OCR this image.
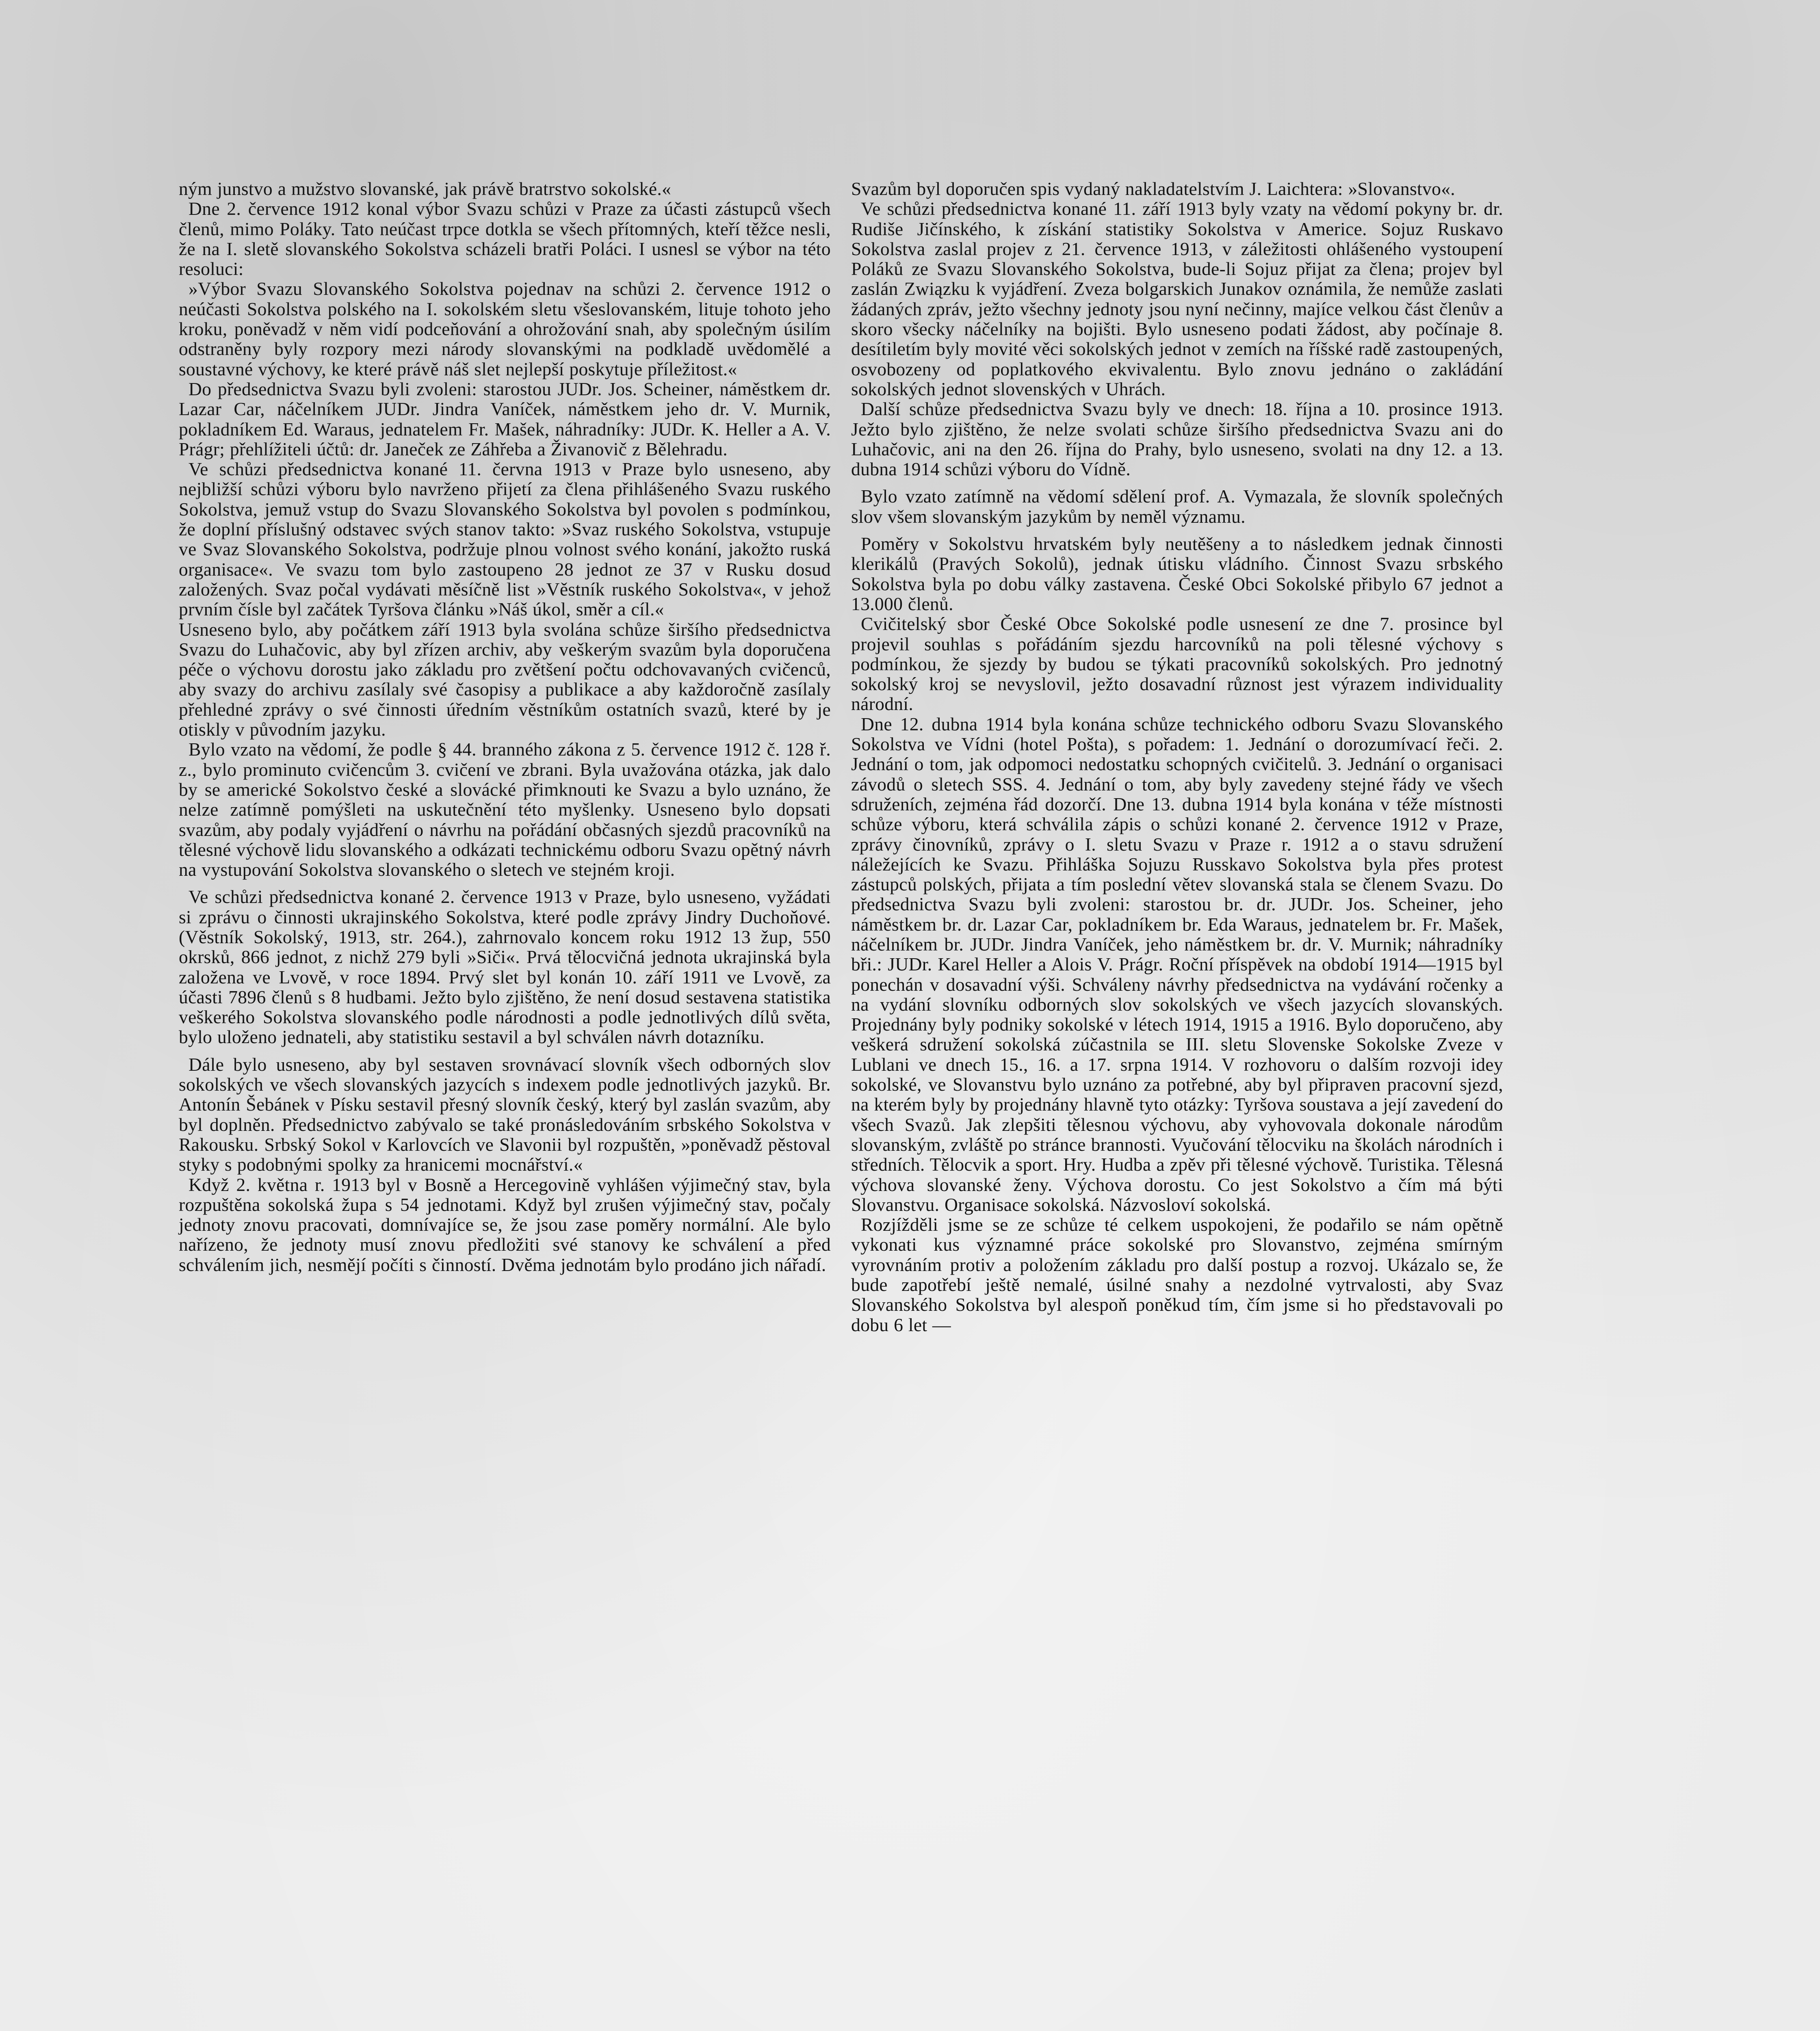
ným junstvo a mužstvo slovanské, jak právě bratrstvo sokolské.«

Dne 2. července 1912 konal výbor Svazu schůzi v Praze za účasti zástupců všech členů, mimo Poláky. Tato neúčast trpce dotkla se všech přítomných, kteří těžce nesli, že na I. sletě slovanského Sokolstva scházeli bratři Poláci. I usnesl se výbor na této resoluci:

»Výbor Svazu Slovanského Sokolstva pojednav na schůzi 2. července 1912 o neúčasti Sokolstva polského na I. sokolském sletu všeslovanském, lituje tohoto jeho kroku, poněvadž v něm vidí podceňování a ohrožování snah, aby společným úsilím odstraněny byly rozpory mezi národy slovanskými na podkladě uvědomělé a soustavné výchovy, ke které právě náš slet nejlepší poskytuje příležitost.«

Do předsednictva Svazu byli zvoleni: starostou JUDr. Jos. Scheiner, náměstkem dr. Lazar Car, náčelníkem JUDr. Jindra Vaníček, náměstkem jeho dr. V. Murnik, pokladníkem Ed. Waraus, jednatelem Fr. Mašek, náhradníky: JUDr. K. Heller a A. V. Prágr; přehlížiteli účtů: dr. Janeček ze Záhřeba a Živanovič z Bělehradu.

Ve schůzi předsednictva konané 11. června 1913 v Praze bylo usneseno, aby nejbližší schůzi výboru bylo navrženo přijetí za člena přihlášeného Svazu ruského Sokolstva, jemuž vstup do Svazu Slovanského Sokolstva byl povolen s podmínkou, že doplní příslušný odstavec svých stanov takto: »Svaz ruského Sokolstva, vstupuje ve Svaz Slovanského Sokolstva, podržuje plnou volnost svého konání, jakožto ruská organisace«. Ve svazu tom bylo zastoupeno 28 jednot ze 37 v Rusku dosud založených. Svaz počal vydávati měsíčně list »Věstník ruského Sokolstva«, v jehož prvním čísle byl začátek Tyršova článku »Náš úkol, směr a cíl.«

Usneseno bylo, aby počátkem září 1913 byla svolána schůze širšího předsednictva Svazu do Luhačovic, aby byl zřízen archiv, aby veškerým svazům byla doporučena péče o výchovu dorostu jako základu pro zvětšení počtu odchovavaných cvičenců, aby svazy do archivu zasílaly své časopisy a publikace a aby každoročně zasílaly přehledné zprávy o své činnosti úředním věstníkům ostatních svazů, které by je otiskly v původním jazyku.

Bylo vzato na vědomí, že podle § 44. branného zákona z 5. července 1912 č. 128 ř. z., bylo prominuto cvičencům 3. cvičení ve zbrani. Byla uvažována otázka, jak dalo by se americké Sokolstvo české a slovácké přimknouti ke Svazu a bylo uznáno, že nelze zatímně pomýšleti na uskutečnění této myšlenky. Usneseno bylo dopsati svazům, aby podaly vyjádření o návrhu na pořádání občasných sjezdů pracovníků na tělesné výchově lidu slovanského a odkázati technickému odboru Svazu opětný návrh na vystupování Sokolstva slovanského o sletech ve stejném kroji.

Ve schůzi předsednictva konané 2. července 1913 v Praze, bylo usneseno, vyžádati si zprávu o činnosti ukrajinského Sokolstva, které podle zprávy Jindry Duchoňové. (Věstník Sokolský, 1913, str. 264.), zahrnovalo koncem roku 1912 13 žup, 550 okrsků, 866 jednot, z nichž 279 byli »Siči«. Prvá tělocvičná jednota ukrajinská byla založena ve Lvově, v roce 1894. Prvý slet byl konán 10. září 1911 ve Lvově, za účasti 7896 členů s 8 hudbami. Ježto bylo zjištěno, že není dosud sestavena statistika veškerého Sokolstva slovanského podle národnosti a podle jednotlivých dílů světa, bylo uloženo jednateli, aby statistiku sestavil a byl schválen návrh dotazníku.

Dále bylo usneseno, aby byl sestaven srovnávací slovník všech odborných slov sokolských ve všech slovanských jazycích s indexem podle jednotlivých jazyků. Br. Antonín Šebánek v Písku sestavil přesný slovník český, který byl zaslán svazům, aby byl doplněn. Předsednictvo zabývalo se také pronásledováním srbského Sokolstva v Rakousku. Srbský Sokol v Karlovcích ve Slavonii byl rozpuštěn, »poněvadž pěstoval styky s podobnými spolky za hranicemi mocnářství.«

Když 2. května r. 1913 byl v Bosně a Hercegovině vyhlášen výjimečný stav, byla rozpuštěna sokolská župa s 54 jednotami. Když byl zrušen výjimečný stav, počaly jednoty znovu pracovati, domnívajíce se, že jsou zase poměry normální. Ale bylo nařízeno, že jednoty musí znovu předložiti své stanovy ke schválení a před schválením jich, nesmějí počíti s činností. Dvěma jednotám bylo prodáno jich nářadí.

Svazům byl doporučen spis vydaný nakladatelstvím J. Laichtera: »Slovanstvo«.

Ve schůzi předsednictva konané 11. září 1913 byly vzaty na vědomí pokyny br. dr. Rudiše Jičínského, k získání statistiky Sokolstva v Americe. Sojuz Ruskavo Sokolstva zaslal projev z 21. července 1913, v záležitosti ohlášeného vystoupení Poláků ze Svazu Slovanského Sokolstva, bude-li Sojuz přijat za člena; projev byl zaslán Związku k vyjádření. Zveza bolgarskich Junakov oznámila, že nemůže zaslati žádaných zpráv, ježto všechny jednoty jsou nyní nečinny, majíce velkou část členův a skoro všecky náčelníky na bojišti. Bylo usneseno podati žádost, aby počínaje 8. desítiletím byly movité věci sokolských jednot v zemích na říšské radě zastoupených, osvobozeny od poplatkového ekvivalentu. Bylo znovu jednáno o zakládání sokolských jednot slovenských v Uhrách.

Další schůze předsednictva Svazu byly ve dnech: 18. října a 10. prosince 1913. Ježto bylo zjištěno, že nelze svolati schůze širšího předsednictva Svazu ani do Luhačovic, ani na den 26. října do Prahy, bylo usneseno, svolati na dny 12. a 13. dubna 1914 schůzi výboru do Vídně.

Bylo vzato zatímně na vědomí sdělení prof. A. Vymazala, že slovník společných slov všem slovanským jazykům by neměl významu.

Poměry v Sokolstvu hrvatském byly neutěšeny a to následkem jednak činnosti klerikálů (Pravých Sokolů), jednak útisku vládního. Činnost Svazu srbského Sokolstva byla po dobu války zastavena. České Obci Sokolské přibylo 67 jednot a 13.000 členů.

Cvičitelský sbor České Obce Sokolské podle usnesení ze dne 7. prosince byl projevil souhlas s pořádáním sjezdu harcovníků na poli tělesné výchovy s podmínkou, že sjezdy by budou se týkati pracovníků sokolských. Pro jednotný sokolský kroj se nevyslovil, ježto dosavadní různost jest výrazem individuality národní.

Dne 12. dubna 1914 byla konána schůze technického odboru Svazu Slovanského Sokolstva ve Vídni (hotel Pošta), s pořadem: 1. Jednání o dorozumívací řeči. 2. Jednání o tom, jak odpomoci nedostatku schopných cvičitelů. 3. Jednání o organisaci závodů o sletech SSS. 4. Jednání o tom, aby byly zavedeny stejné řády ve všech sdruženích, zejména řád dozorčí. Dne 13. dubna 1914 byla konána v téže místnosti schůze výboru, která schválila zápis o schůzi konané 2. července 1912 v Praze, zprávy činovníků, zprávy o I. sletu Svazu v Praze r. 1912 a o stavu sdružení náležejících ke Svazu. Přihláška Sojuzu Russkavo Sokolstva byla přes protest zástupců polských, přijata a tím poslední větev slovanská stala se členem Svazu. Do předsednictva Svazu byli zvoleni: starostou br. dr. JUDr. Jos. Scheiner, jeho náměstkem br. dr. Lazar Car, pokladníkem br. Eda Waraus, jednatelem br. Fr. Mašek, náčelníkem br. JUDr. Jindra Vaníček, jeho náměstkem br. dr. V. Murnik; náhradníky bři.: JUDr. Karel Heller a Alois V. Prágr. Roční příspěvek na období 1914—1915 byl ponechán v dosavadní výši. Schváleny návrhy předsednictva na vydávání ročenky a na vydání slovníku odborných slov sokolských ve všech jazycích slovanských. Projednány byly podniky sokolské v létech 1914, 1915 a 1916. Bylo doporučeno, aby veškerá sdružení sokolská zúčastnila se III. sletu Slovenske Sokolske Zveze v Lublani ve dnech 15., 16. a 17. srpna 1914. V rozhovoru o dalším rozvoji idey sokolské, ve Slovanstvu bylo uznáno za potřebné, aby byl připraven pracovní sjezd, na kterém byly by projednány hlavně tyto otázky: Tyršova soustava a její zavedení do všech Svazů. Jak zlepšiti tělesnou výchovu, aby vyhovovala dokonale národům slovanským, zvláště po stránce brannosti. Vyučování tělocviku na školách národních i středních. Tělocvik a sport. Hry. Hudba a zpěv při tělesné výchově. Turistika. Tělesná výchova slovanské ženy. Výchova dorostu. Co jest Sokolstvo a čím má býti Slovanstvu. Organisace sokolská. Názvosloví sokolská.

Rozjížděli jsme se ze schůze té celkem uspokojeni, že podařilo se nám opětně vykonati kus významné práce sokolské pro Slovanstvo, zejména smírným vyrovnáním protiv a položením základu pro další postup a rozvoj. Ukázalo se, že bude zapotřebí ještě nemalé, úsilné snahy a nezdolné vytrvalosti, aby Svaz Slovanského Sokolstva byl alespoň poněkud tím, čím jsme si ho představovali po dobu 6 let —
